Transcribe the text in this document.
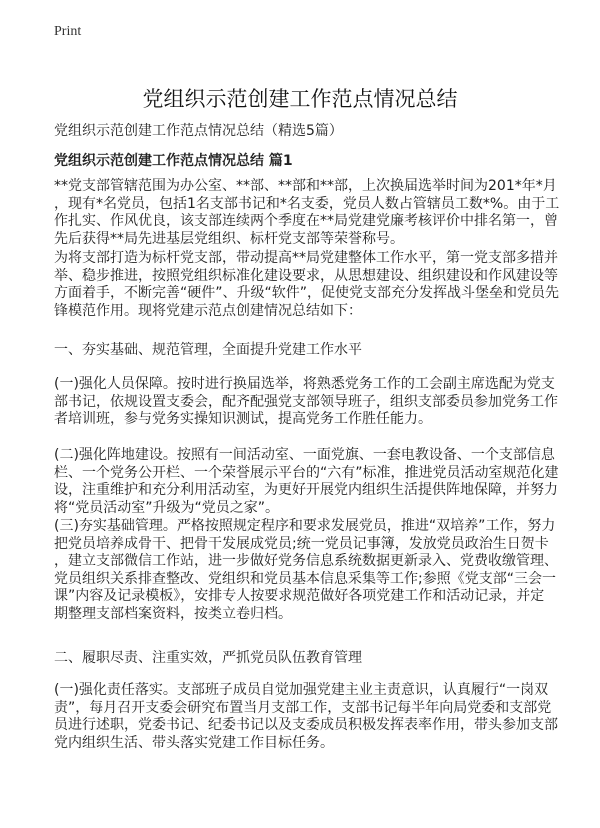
Print
党组织示范创建工作范点情况总结
党组织示范创建工作范点情况总结（精选5篇）
党组织示范创建工作范点情况总结 篇1
**党支部管辖范围为办公室、**部、**部和**部，上次换届选举时间为201*年*月
，现有*名党员，包括1名支部书记和*名支委，党员人数占管辖员工数*%。由于工
作扎实、作风优良，该支部连续两个季度在**局党建党廉考核评价中排名第一，曾
先后获得**局先进基层党组织、标杆党支部等荣誉称号。
为将支部打造为标杆党支部，带动提高**局党建整体工作水平，第一党支部多措并
举、稳步推进，按照党组织标准化建设要求，从思想建设、组织建设和作风建设等
方面着手，不断完善“硬件”、升级“软件”，促使党支部充分发挥战斗堡垒和党员先
锋模范作用。现将党建示范点创建情况总结如下：
一、夯实基础、规范管理，全面提升党建工作水平
(一)强化人员保障。按时进行换届选举，将熟悉党务工作的工会副主席选配为党支
部书记，依规设置支委会，配齐配强党支部领导班子，组织支部委员参加党务工作
者培训班，参与党务实操知识测试，提高党务工作胜任能力。
(二)强化阵地建设。按照有一间活动室、一面党旗、一套电教设备、一个支部信息
栏、一个党务公开栏、一个荣誉展示平台的“六有”标准，推进党员活动室规范化建
设，注重维护和充分利用活动室，为更好开展党内组织生活提供阵地保障，并努力
将“党员活动室”升级为“党员之家”。
(三)夯实基础管理。严格按照规定程序和要求发展党员，推进“双培养”工作，努力
把党员培养成骨干、把骨干发展成党员;统一党员记事簿，发放党员政治生日贺卡
，建立支部微信工作站，进一步做好党务信息系统数据更新录入、党费收缴管理、
党员组织关系排查整改、党组织和党员基本信息采集等工作;参照《党支部“三会一
课”内容及记录模板》，安排专人按要求规范做好各项党建工作和活动记录，并定
期整理支部档案资料，按类立卷归档。
二、履职尽责、注重实效，严抓党员队伍教育管理
(一)强化责任落实。支部班子成员自觉加强党建主业主责意识，认真履行“一岗双
责”，每月召开支委会研究布置当月支部工作，支部书记每半年向局党委和支部党
员进行述职，党委书记、纪委书记以及支委成员积极发挥表率作用，带头参加支部
党内组织生活、带头落实党建工作目标任务。
